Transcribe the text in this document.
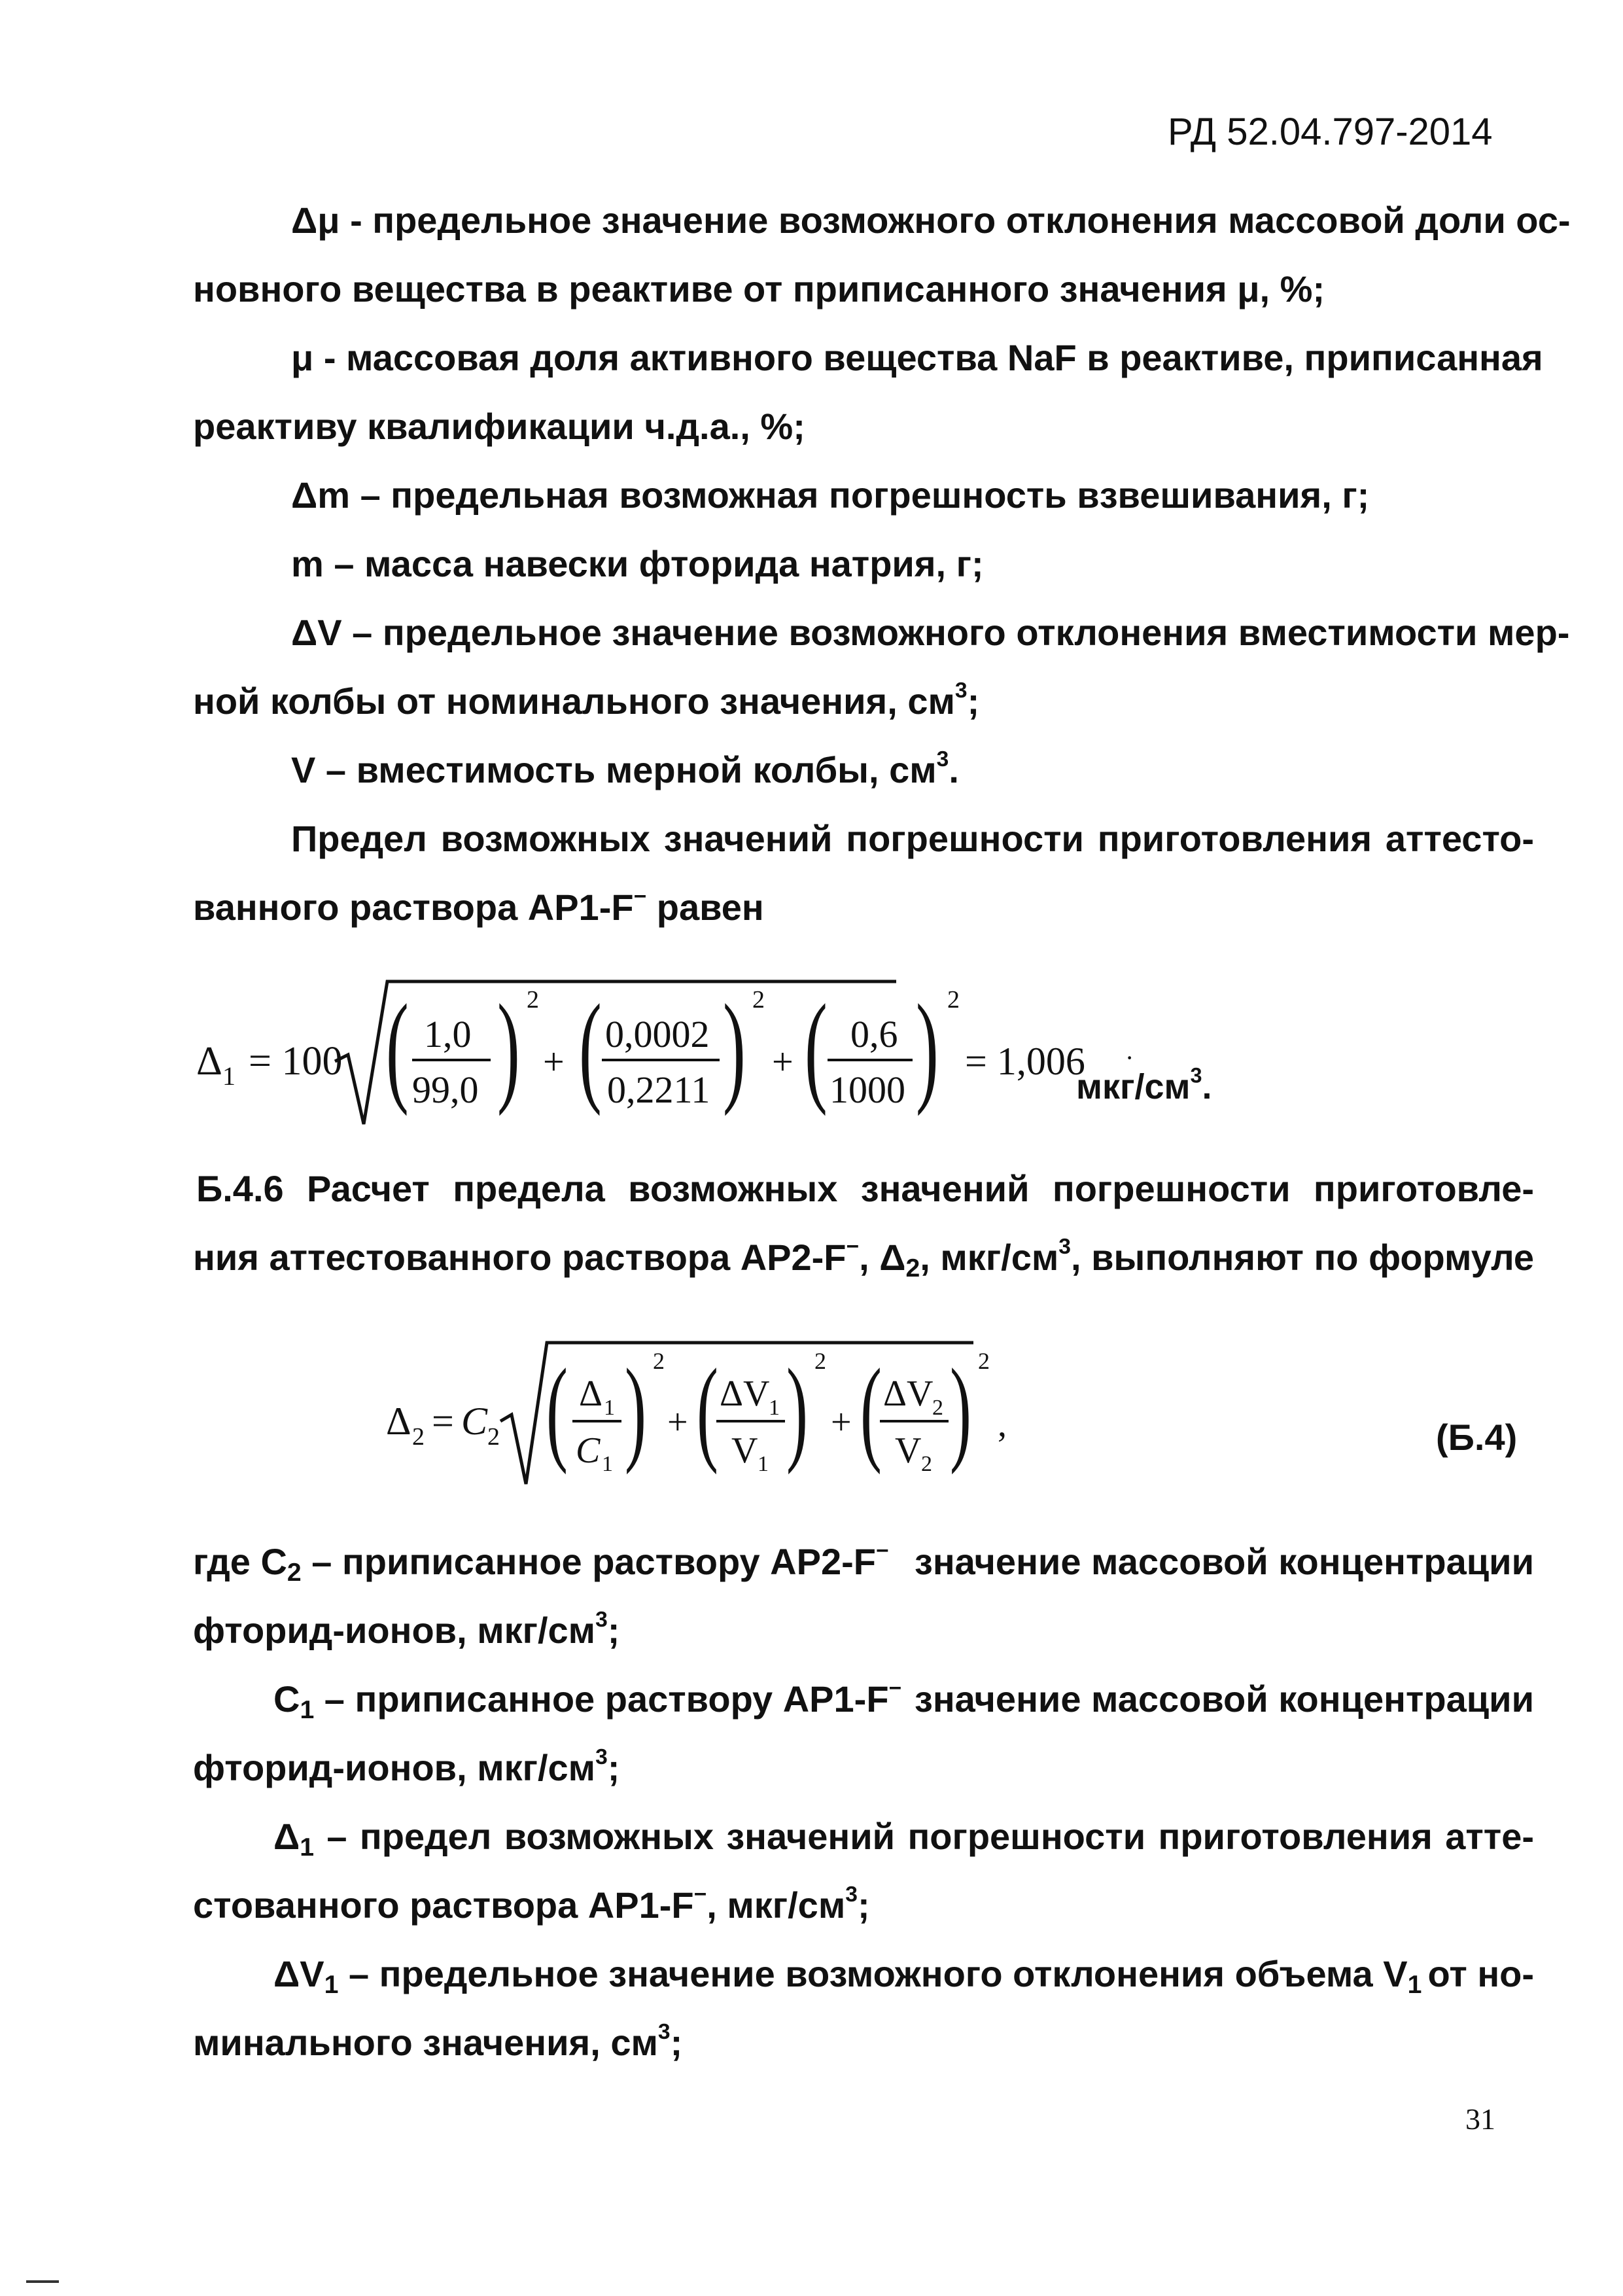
РД 52.04.797-2014
Δμ - предельное значение возможного отклонения массовой доли ос-
новного вещества в реактиве от приписанного значения μ, %;
μ - массовая доля активного вещества NaF в реактиве, приписанная
реактиву квалификации ч.д.а., %;
Δm – предельная возможная погрешность взвешивания, г;
m – масса навески фторида натрия, г;
ΔV – предельное значение возможного отклонения вместимости мер-
ной колбы от номинального значения, $см^3$;
V – вместимость мерной колбы, $см^3$.
Предел возможных значений погрешности приготовления аттесто-
ванного раствора АР1-F− равен
Δ 1 = 100 ( 1,0
99,0 ) 2
+ ( 0,0002
0,2211 ) 2
+ ( 0,6
1000 ) 2
= 1,006 ·
мкг/$см^3$.
Б.4.6 Расчет предела возможных значений погрешности приготовле-
ния аттестованного раствора АР2-F−, $\Delta_2$, мкг/$см^3$, выполняют по формуле
Δ 2 = C 2 ( Δ 1
C 1 ) 2
+ ( ΔV
1
V 1 ) 2
+ ( ΔV
2
V 2 ) 2
,	(Б.4)
где $C_2$ – приписанное раствору АР2-F− значение массовой концентрации
фторид-ионов, мкг/$см^3$;
$C_1$ – приписанное раствору АР1-F− значение массовой концентрации
фторид-ионов, мкг/$см^3$;
$\Delta_1$ – предел возможных значений погрешности приготовления атте-
стованного раствора АР1-F−, мкг/$см^3$;
$\Delta V_1$ – предельное значение возможного отклонения объема $V_1$ от но-
минального значения, $см^3$;
31
